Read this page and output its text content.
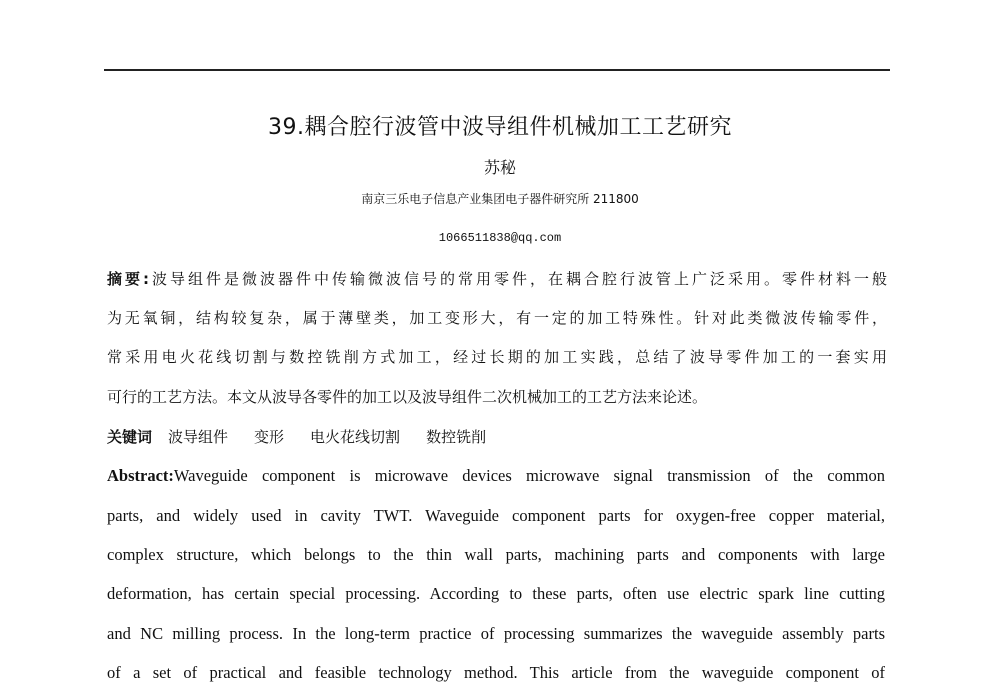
39.耦合腔行波管中波导组件机械加工工艺研究
苏秘
南京三乐电子信息产业集团电子器件研究所 211800
1066511838@qq.com
摘要:波导组件是微波器件中传输微波信号的常用零件，在耦合腔行波管上广泛采用。零件材料一般
为无氧铜，结构较复杂，属于薄壁类，加工变形大，有一定的加工特殊性。针对此类微波传输零件，
常采用电火花线切割与数控铣削方式加工，经过长期的加工实践，总结了波导零件加工的一套实用
可行的工艺方法。本文从波导各零件的加工以及波导组件二次机械加工的工艺方法来论述。
关键词 波导组件 变形 电火花线切割 数控铣削
Abstract:Waveguide component is microwave devices microwave signal transmission of the common
parts, and widely used in cavity TWT. Waveguide component parts for oxygen-free copper material,
complex structure, which belongs to the thin wall parts, machining parts and components with large
deformation, has certain special processing. According to these parts, often use electric spark line cutting
and NC milling process. In the long-term practice of processing summarizes the waveguide assembly parts
of a set of practical and feasible technology method. This article from the waveguide component of
